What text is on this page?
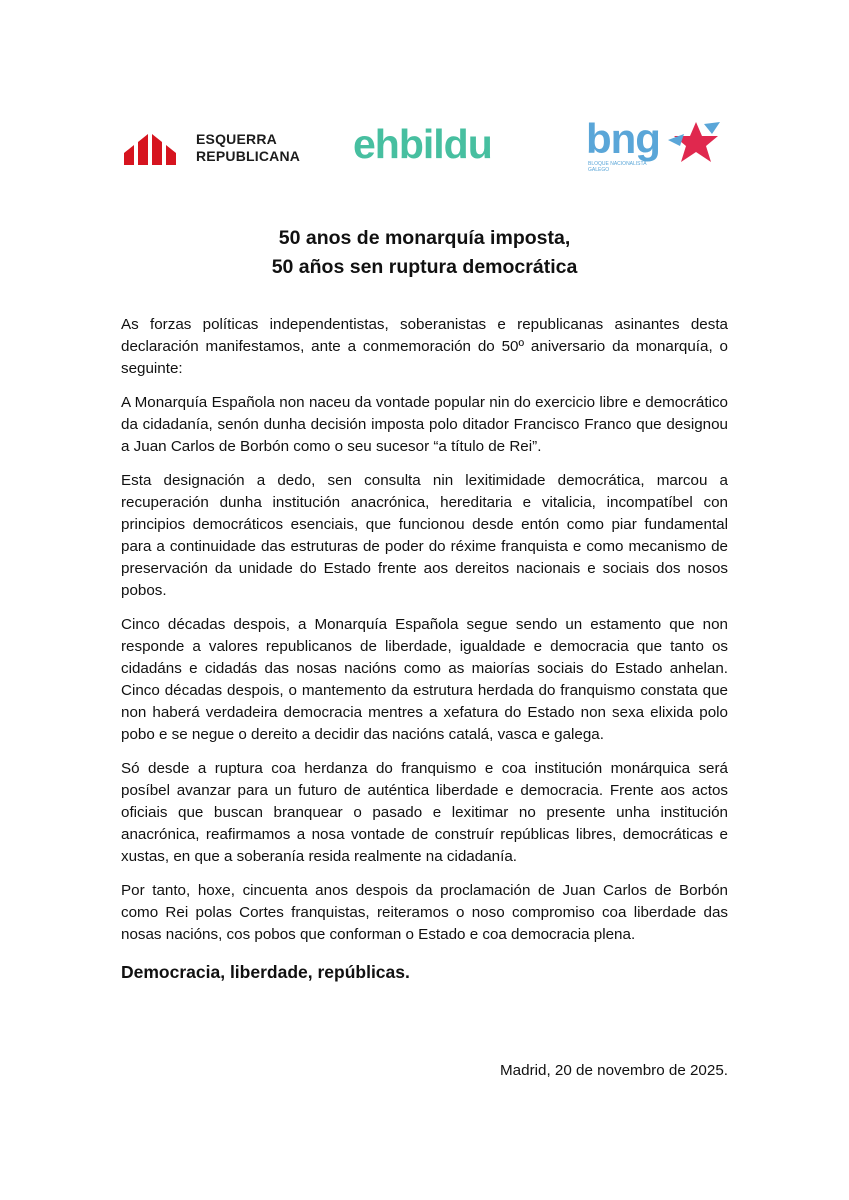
ESQUERRA
REPUBLICANA ehbildu bng
BLOQUE NACIONALISTA GALEGO
50 anos de monarquía imposta,
50 años sen ruptura democrática

As forzas políticas independentistas, soberanistas e republicanas asinantes desta declaración manifestamos, ante a conmemoración do 50º aniversario da monarquía, o seguinte:

A Monarquía Española non naceu da vontade popular nin do exercicio libre e democrático da cidadanía, senón dunha decisión imposta polo ditador Francisco Franco que designou a Juan Carlos de Borbón como o seu sucesor “a título de Rei”.

Esta designación a dedo, sen consulta nin lexitimidade democrática, marcou a recuperación dunha institución anacrónica, hereditaria e vitalicia, incompatíbel con principios democráticos esenciais, que funcionou desde entón como piar fundamental para a continuidade das estruturas de poder do réxime franquista e como mecanismo de preservación da unidade do Estado frente aos dereitos nacionais e sociais dos nosos pobos.

Cinco décadas despois, a Monarquía Española segue sendo un estamento que non responde a valores republicanos de liberdade, igualdade e democracia que tanto os cidadáns e cidadás das nosas nacións como as maiorías sociais do Estado anhelan. Cinco décadas despois, o mantemento da estrutura herdada do franquismo constata que non haberá verdadeira democracia mentres a xefatura do Estado non sexa elixida polo pobo e se negue o dereito a decidir das nacións catalá, vasca e galega.

Só desde a ruptura coa herdanza do franquismo e coa institución monárquica será posíbel avanzar para un futuro de auténtica liberdade e democracia. Frente aos actos oficiais que buscan branquear o pasado e lexitimar no presente unha institución anacrónica, reafirmamos a nosa vontade de construír repúblicas libres, democráticas e xustas, en que a soberanía resida realmente na cidadanía.

Por tanto, hoxe, cincuenta anos despois da proclamación de Juan Carlos de Borbón como Rei polas Cortes franquistas, reiteramos o noso compromiso coa liberdade das nosas nacións, cos pobos que conforman o Estado e coa democracia plena.

Democracia, liberdade, repúblicas.
Madrid, 20 de novembro de 2025.
